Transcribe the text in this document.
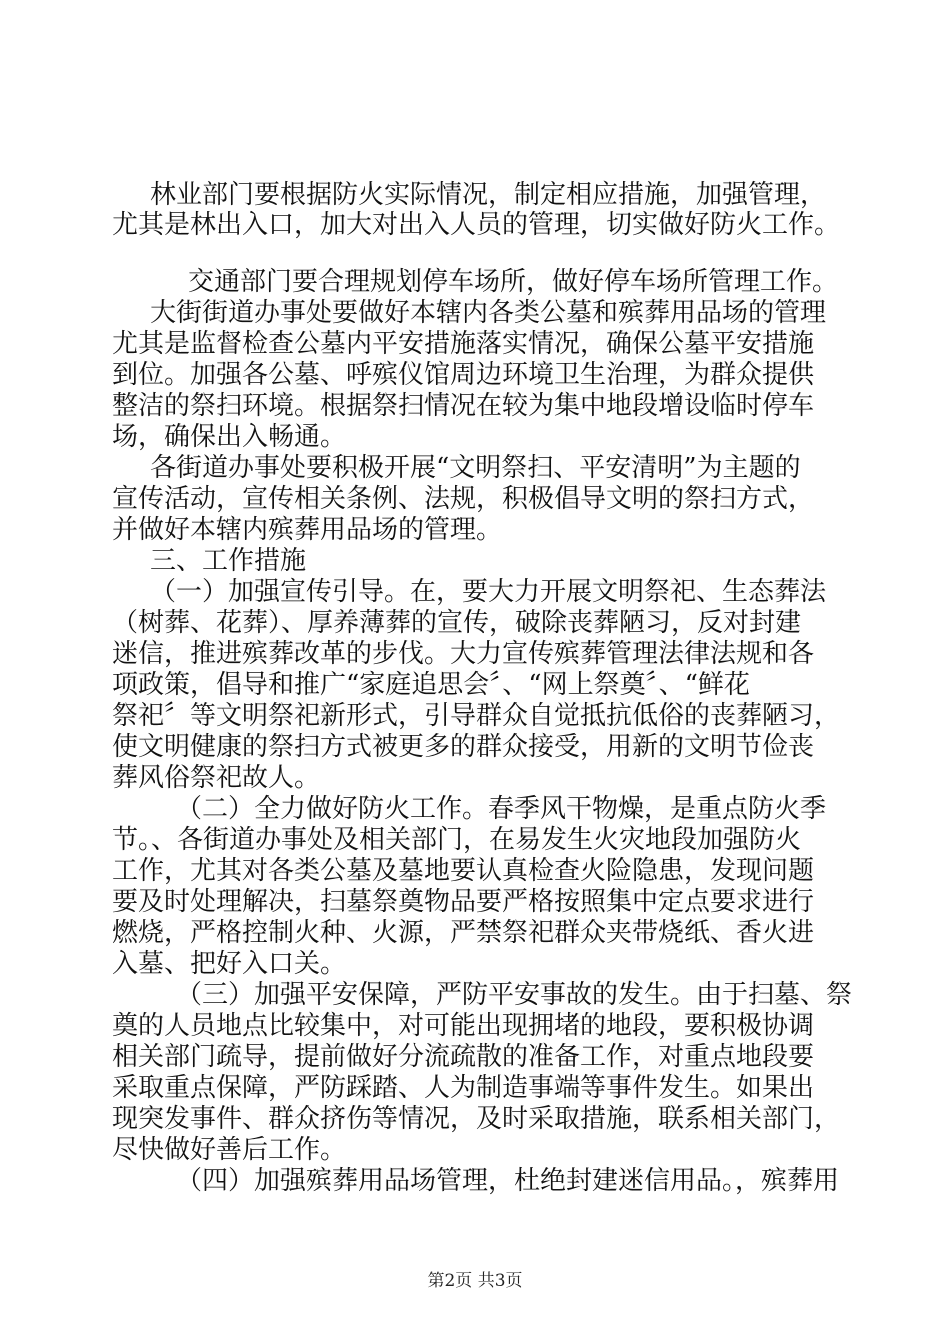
林业部门要根据防火实际情况，制定相应措施，加强管理，
尤其是林出入口，加大对出入人员的管理，切实做好防火工作。
交通部门要合理规划停车场所，做好停车场所管理工作。
大街街道办事处要做好本辖内各类公墓和殡葬用品场的管理
尤其是监督检查公墓内平安措施落实情况，确保公墓平安措施
到位。加强各公墓、呼殡仪馆周边环境卫生治理，为群众提供
整洁的祭扫环境。根据祭扫情况在较为集中地段增设临时停车
场，确保出入畅通。
各街道办事处要积极开展“文明祭扫、平安清明”为主题的
宣传活动，宣传相关条例、法规，积极倡导文明的祭扫方式，
并做好本辖内殡葬用品场的管理。
三、工作措施
（一）加强宣传引导。在，要大力开展文明祭祀、生态葬法
（树葬、花葬）、厚养薄葬的宣传，破除丧葬陋习，反对封建
迷信，推进殡葬改革的步伐。大力宣传殡葬管理法律法规和各
项政策，倡导和推广“家庭追思会〞、“网上祭奠〞、“鲜花
祭祀〞等文明祭祀新形式，引导群众自觉抵抗低俗的丧葬陋习，
使文明健康的祭扫方式被更多的群众接受，用新的文明节俭丧
葬风俗祭祀故人。
（二）全力做好防火工作。春季风干物燥，是重点防火季
节。、各街道办事处及相关部门，在易发生火灾地段加强防火
工作，尤其对各类公墓及墓地要认真检查火险隐患，发现问题
要及时处理解决，扫墓祭奠物品要严格按照集中定点要求进行
燃烧，严格控制火种、火源，严禁祭祀群众夹带烧纸、香火进
入墓、把好入口关。
（三）加强平安保障，严防平安事故的发生。由于扫墓、祭
奠的人员地点比较集中，对可能出现拥堵的地段，要积极协调
相关部门疏导，提前做好分流疏散的准备工作，对重点地段要
采取重点保障，严防踩踏、人为制造事端等事件发生。如果出
现突发事件、群众挤伤等情况，及时采取措施，联系相关部门，
尽快做好善后工作。
（四）加强殡葬用品场管理，杜绝封建迷信用品。，殡葬用
第2页 共3页
